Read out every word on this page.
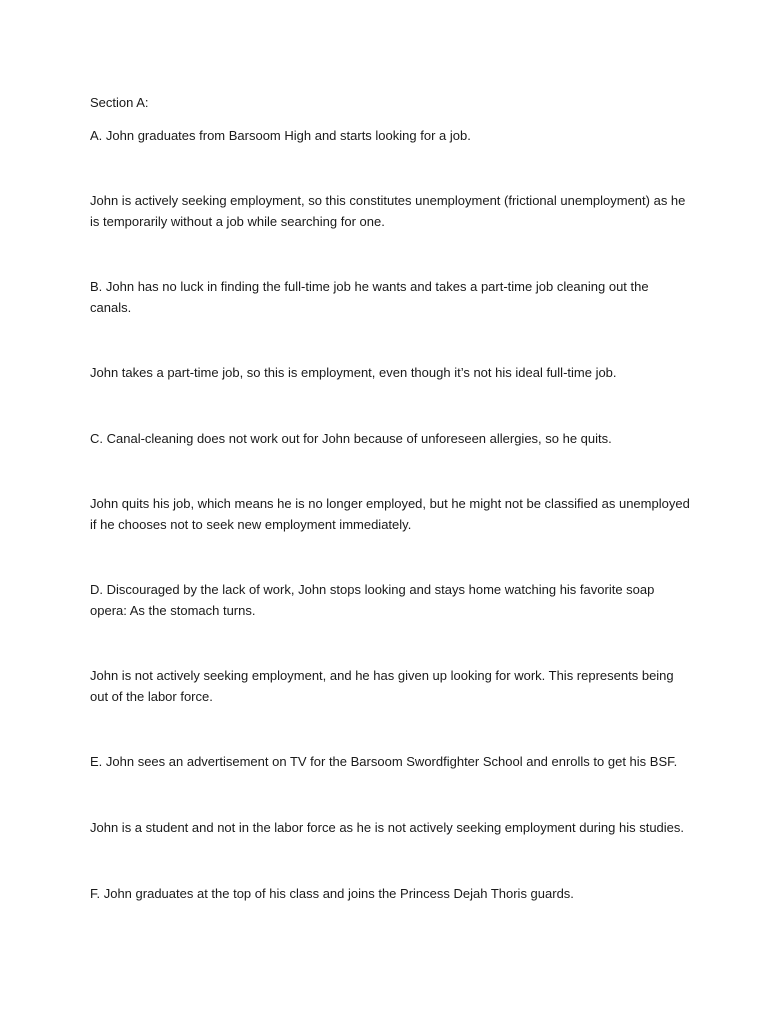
Section A:

A. John graduates from Barsoom High and starts looking for a job.

John is actively seeking employment, so this constitutes unemployment (frictional unemployment) as he is temporarily without a job while searching for one.

B. John has no luck in finding the full-time job he wants and takes a part-time job cleaning out the canals.

John takes a part-time job, so this is employment, even though it’s not his ideal full-time job.

C. Canal-cleaning does not work out for John because of unforeseen allergies, so he quits.

John quits his job, which means he is no longer employed, but he might not be classified as unemployed if he chooses not to seek new employment immediately.

D. Discouraged by the lack of work, John stops looking and stays home watching his favorite soap opera: As the stomach turns.

John is not actively seeking employment, and he has given up looking for work. This represents being out of the labor force.

E. John sees an advertisement on TV for the Barsoom Swordfighter School and enrolls to get his BSF.

John is a student and not in the labor force as he is not actively seeking employment during his studies.

F. John graduates at the top of his class and joins the Princess Dejah Thoris guards.
